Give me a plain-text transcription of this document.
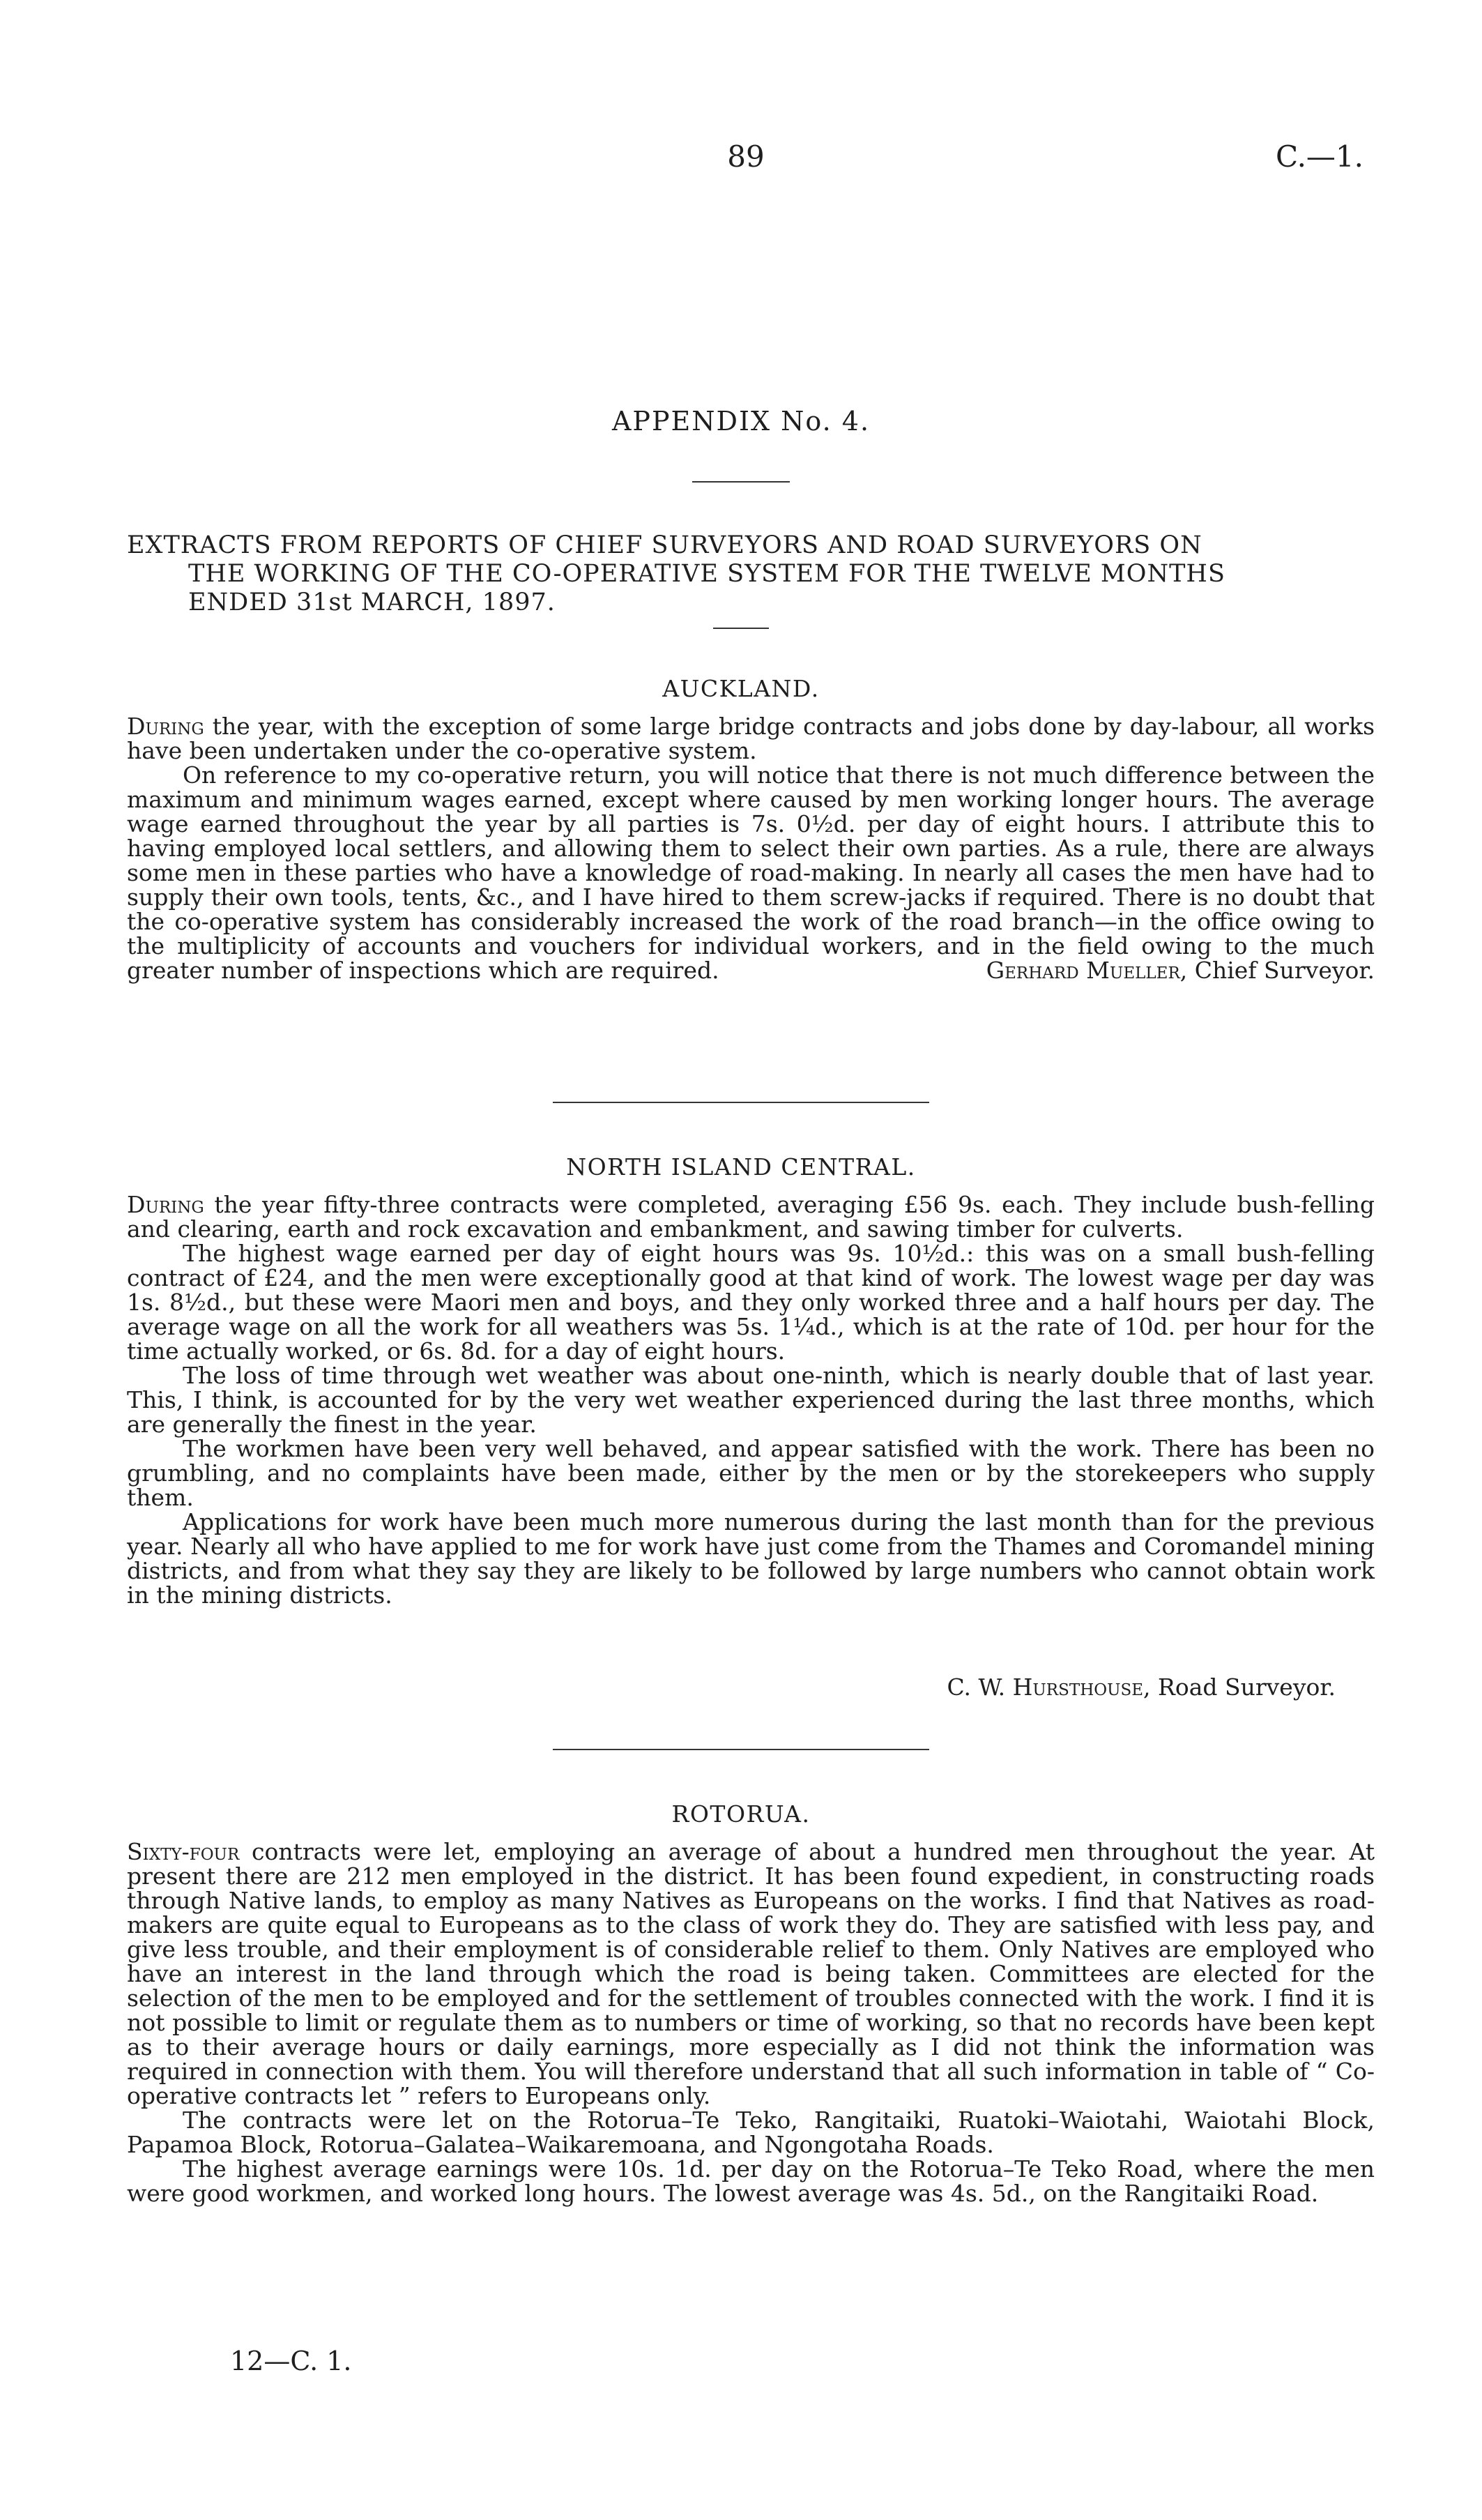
89	C.—1.
APPENDIX No. 4.
EXTRACTS FROM REPORTS OF CHIEF SURVEYORS AND ROAD SURVEYORS ON
THE WORKING OF THE CO-OPERATIVE SYSTEM FOR THE TWELVE MONTHS
ENDED 31st MARCH, 1897.
AUCKLAND.

During the year, with the exception of some large bridge contracts and jobs done by day-labour, all works have been undertaken under the co-operative system.

On reference to my co-operative return, you will notice that there is not much difference between the maximum and minimum wages earned, except where caused by men working longer hours. The average wage earned throughout the year by all parties is 7s. 0½d. per day of eight hours. I attribute this to having employed local settlers, and allowing them to select their own parties. As a rule, there are always some men in these parties who have a knowledge of road-making. In nearly all cases the men have had to supply their own tools, tents, &c., and I have hired to them screw-jacks if required. There is no doubt that the co-operative system has considerably increased the work of the road branch—in the office owing to the multiplicity of accounts and vouchers for individual workers, and in the field owing to the much greater number of inspections which are required.	Gerhard Mueller, Chief Surveyor.

NORTH ISLAND CENTRAL.

During the year fifty-three contracts were completed, averaging £56 9s. each. They include bush-felling and clearing, earth and rock excavation and embankment, and sawing timber for culverts.

The highest wage earned per day of eight hours was 9s. 10½d.: this was on a small bush-felling contract of £24, and the men were exceptionally good at that kind of work. The lowest wage per day was 1s. 8½d., but these were Maori men and boys, and they only worked three and a half hours per day. The average wage on all the work for all weathers was 5s. 1¼d., which is at the rate of 10d. per hour for the time actually worked, or 6s. 8d. for a day of eight hours.

The loss of time through wet weather was about one-ninth, which is nearly double that of last year. This, I think, is accounted for by the very wet weather experienced during the last three months, which are generally the finest in the year.

The workmen have been very well behaved, and appear satisfied with the work. There has been no grumbling, and no complaints have been made, either by the men or by the storekeepers who supply them.

Applications for work have been much more numerous during the last month than for the previous year. Nearly all who have applied to me for work have just come from the Thames and Coromandel mining districts, and from what they say they are likely to be followed by large numbers who cannot obtain work in the mining districts.

C. W. Hursthouse, Road Surveyor.
ROTORUA.

Sixty-four contracts were let, employing an average of about a hundred men throughout the year. At present there are 212 men employed in the district. It has been found expedient, in constructing roads through Native lands, to employ as many Natives as Europeans on the works. I find that Natives as road-makers are quite equal to Europeans as to the class of work they do. They are satisfied with less pay, and give less trouble, and their employment is of considerable relief to them. Only Natives are employed who have an interest in the land through which the road is being taken. Committees are elected for the selection of the men to be employed and for the settlement of troubles connected with the work. I find it is not possible to limit or regulate them as to numbers or time of working, so that no records have been kept as to their average hours or daily earnings, more especially as I did not think the information was required in connection with them. You will therefore understand that all such information in table of “ Co-operative contracts let ” refers to Europeans only.

The contracts were let on the Rotorua–Te Teko, Rangitaiki, Ruatoki–Waiotahi, Waiotahi Block, Papamoa Block, Rotorua–Galatea–Waikaremoana, and Ngongotaha Roads.

The highest average earnings were 10s. 1d. per day on the Rotorua–Te Teko Road, where the men were good workmen, and worked long hours. The lowest average was 4s. 5d., on the Rangitaiki Road.

12—C. 1.
